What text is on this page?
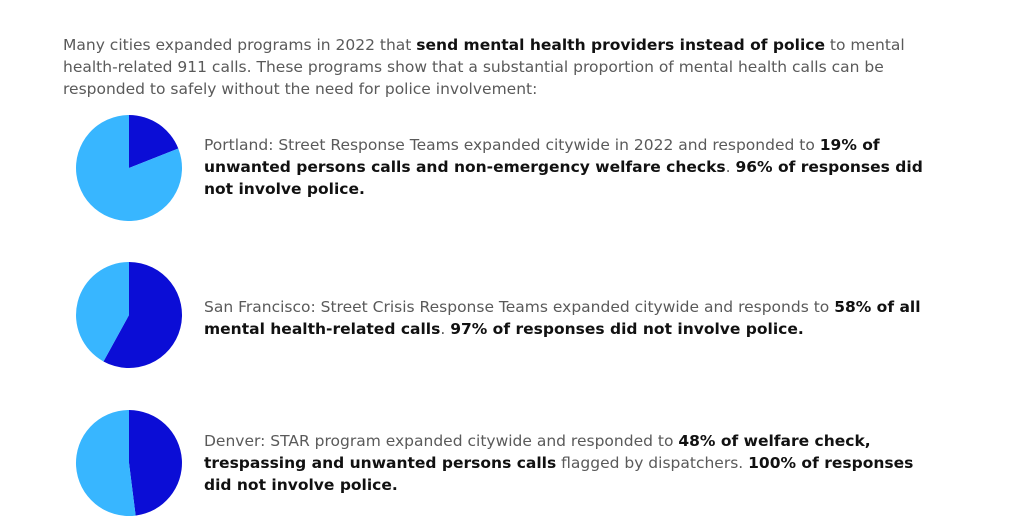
Many cities expanded programs in 2022 that send mental health providers instead of police to mental health-related 911 calls. These programs show that a substantial proportion of mental health calls can be responded to safely without the need for police involvement:

Portland: Street Response Teams expanded citywide in 2022 and responded to 19% of unwanted persons calls and non-emergency welfare checks. 96% of responses did not involve police.

San Francisco: Street Crisis Response Teams expanded citywide and responds to 58% of all mental health-related calls. 97% of responses did not involve police.

Denver: STAR program expanded citywide and responded to 48% of welfare check, trespassing and unwanted persons calls flagged by dispatchers. 100% of responses did not involve police.
